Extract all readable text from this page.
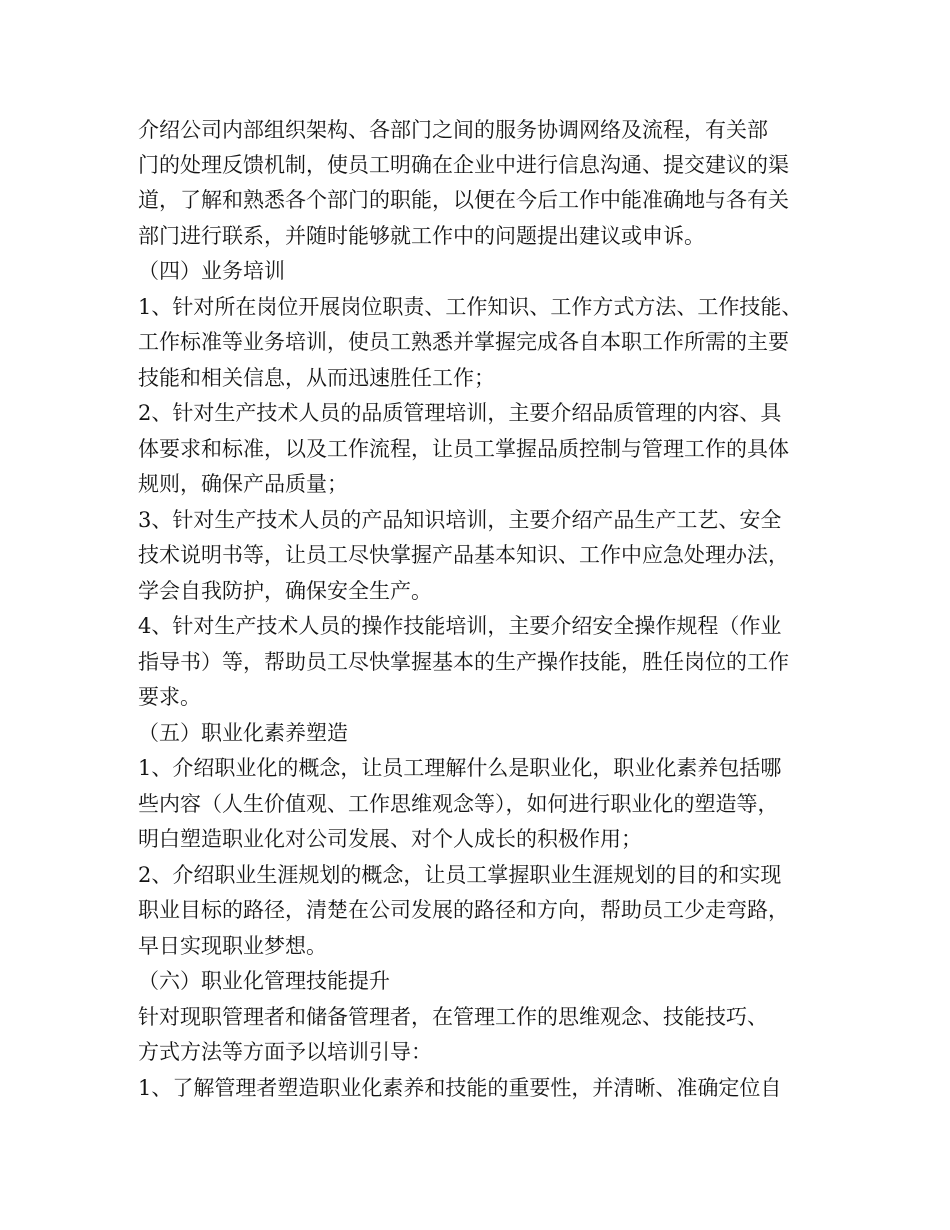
介绍公司内部组织架构、各部门之间的服务协调网络及流程，有关部
门的处理反馈机制，使员工明确在企业中进行信息沟通、提交建议的渠
道，了解和熟悉各个部门的职能，以便在今后工作中能准确地与各有关
部门进行联系，并随时能够就工作中的问题提出建议或申诉。
（四）业务培训
1、针对所在岗位开展岗位职责、工作知识、工作方式方法、工作技能、
工作标准等业务培训，使员工熟悉并掌握完成各自本职工作所需的主要
技能和相关信息，从而迅速胜任工作；
2、针对生产技术人员的品质管理培训，主要介绍品质管理的内容、具
体要求和标准，以及工作流程，让员工掌握品质控制与管理工作的具体
规则，确保产品质量；
3、针对生产技术人员的产品知识培训，主要介绍产品生产工艺、安全
技术说明书等，让员工尽快掌握产品基本知识、工作中应急处理办法，
学会自我防护，确保安全生产。
4、针对生产技术人员的操作技能培训，主要介绍安全操作规程（作业
指导书）等，帮助员工尽快掌握基本的生产操作技能，胜任岗位的工作
要求。
（五）职业化素养塑造
1、介绍职业化的概念，让员工理解什么是职业化，职业化素养包括哪
些内容（人生价值观、工作思维观念等），如何进行职业化的塑造等，
明白塑造职业化对公司发展、对个人成长的积极作用；
2、介绍职业生涯规划的概念，让员工掌握职业生涯规划的目的和实现
职业目标的路径，清楚在公司发展的路径和方向，帮助员工少走弯路，
早日实现职业梦想。
（六）职业化管理技能提升
针对现职管理者和储备管理者，在管理工作的思维观念、技能技巧、
方式方法等方面予以培训引导：
1、了解管理者塑造职业化素养和技能的重要性，并清晰、准确定位自
